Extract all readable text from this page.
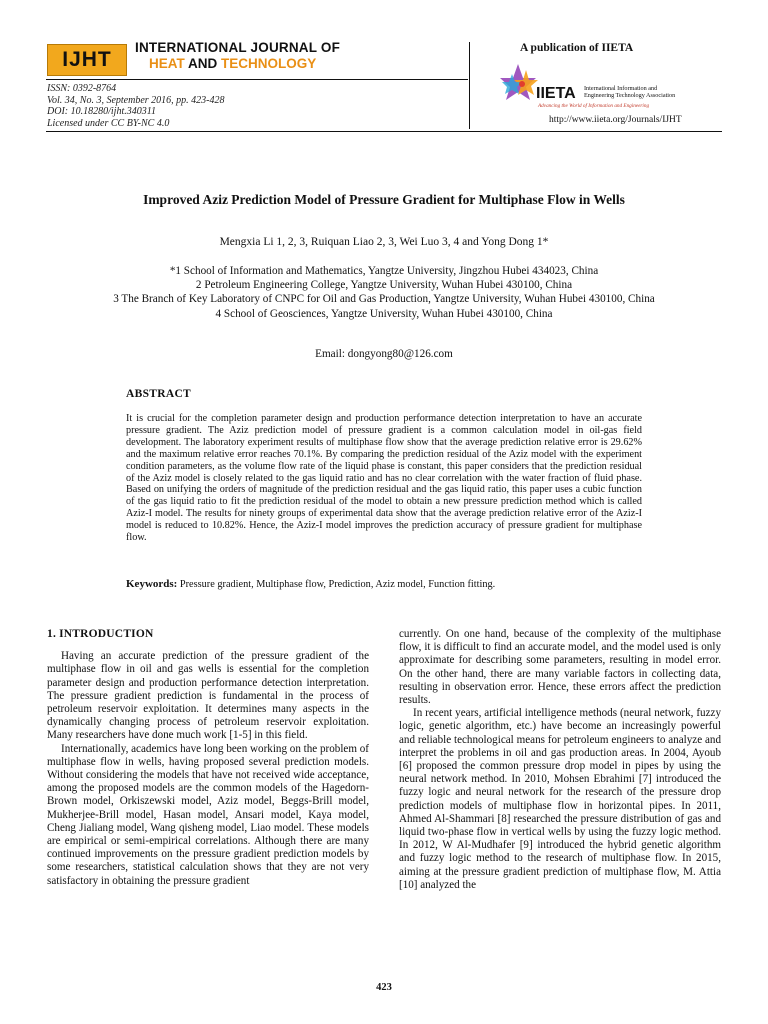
IJHT
INTERNATIONAL JOURNAL OF
HEAT AND TECHNOLOGY
ISSN: 0392-8764
Vol. 34, No. 3, September 2016, pp. 423-428
DOI: 10.18280/ijht.340311
Licensed under CC BY-NC 4.0
A publication of IIETA
IIETA International Information and
Engineering Technology Association
Advancing the World of Information and Engineering
http://www.iieta.org/Journals/IJHT
Improved Aziz Prediction Model of Pressure Gradient for Multiphase Flow in Wells
Mengxia Li 1, 2, 3, Ruiquan Liao 2, 3, Wei Luo 3, 4 and Yong Dong 1*
*1 School of Information and Mathematics, Yangtze University, Jingzhou Hubei 434023, China
2 Petroleum Engineering College, Yangtze University, Wuhan Hubei 430100, China
3 The Branch of Key Laboratory of CNPC for Oil and Gas Production, Yangtze University, Wuhan Hubei 430100, China
4 School of Geosciences, Yangtze University, Wuhan Hubei 430100, China
Email: dongyong80@126.com
ABSTRACT
It is crucial for the completion parameter design and production performance detection interpretation to have an accurate pressure gradient. The Aziz prediction model of pressure gradient is a common calculation model in oil-gas field development. The laboratory experiment results of multiphase flow show that the average prediction relative error is 29.62% and the maximum relative error reaches 70.1%. By comparing the prediction residual of the Aziz model with the experiment condition parameters, as the volume flow rate of the liquid phase is constant, this paper considers that the prediction residual of the Aziz model is closely related to the gas liquid ratio and has no clear correlation with the water fraction of fluid phase. Based on unifying the orders of magnitude of the prediction residual and the gas liquid ratio, this paper uses a cubic function of the gas liquid ratio to fit the prediction residual of the model to obtain a new pressure prediction method which is called Aziz-I model. The results for ninety groups of experimental data show that the average prediction relative error of the Aziz-I model is reduced to 10.82%. Hence, the Aziz-I model improves the prediction accuracy of pressure gradient for multiphase flow.
Keywords: Pressure gradient, Multiphase flow, Prediction, Aziz model, Function fitting.
1. INTRODUCTION

Having an accurate prediction of the pressure gradient of the multiphase flow in oil and gas wells is essential for the completion parameter design and production performance detection interpretation. The pressure gradient prediction is fundamental in the process of petroleum reservoir exploitation. It determines many aspects in the dynamically changing process of petroleum reservoir exploitation. Many researchers have done much work [1-5] in this field.

Internationally, academics have long been working on the problem of multiphase flow in wells, having proposed several prediction models. Without considering the models that have not received wide acceptance, among the proposed models are the common models of the Hagedorn-Brown model, Orkiszewski model, Aziz model, Beggs-Brill model, Mukherjee-Brill model, Hasan model, Ansari model, Kaya model, Cheng Jialiang model, Wang qisheng model, Liao model. These models are empirical or semi-empirical correlations. Although there are many continued improvements on the pressure gradient prediction models by some researchers, statistical calculation shows that they are not very satisfactory in obtaining the pressure gradient

currently. On one hand, because of the complexity of the multiphase flow, it is difficult to find an accurate model, and the model used is only approximate for describing some parameters, resulting in model error. On the other hand, there are many variable factors in collecting data, resulting in observation error. Hence, these errors affect the prediction results.

In recent years, artificial intelligence methods (neural network, fuzzy logic, genetic algorithm, etc.) have become an increasingly powerful and reliable technological means for petroleum engineers to analyze and interpret the problems in oil and gas production areas. In 2004, Ayoub [6] proposed the common pressure drop model in pipes by using the neural network method. In 2010, Mohsen Ebrahimi [7] introduced the fuzzy logic and neural network for the research of the pressure drop prediction models of multiphase flow in horizontal pipes. In 2011, Ahmed Al-Shammari [8] researched the pressure distribution of gas and liquid two-phase flow in vertical wells by using the fuzzy logic method. In 2012, W Al-Mudhafer [9] introduced the hybrid genetic algorithm and fuzzy logic method to the research of multiphase flow. In 2015, aiming at the pressure gradient prediction of multiphase flow, M. Attia [10] analyzed the

423
